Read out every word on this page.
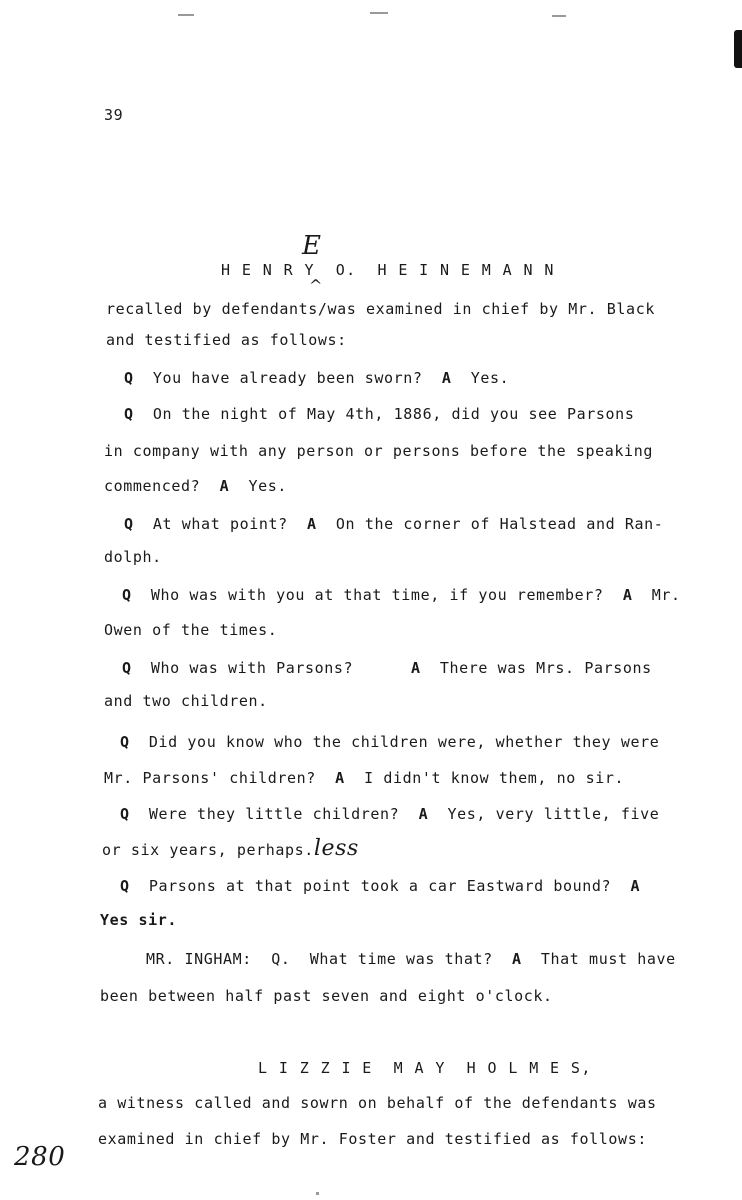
39
E
H E N R Y  O.  H E I N E M A N N
^
recalled by defendants/was examined in chief by Mr. Black
and testified as follows:
Q You have already been sworn? A Yes.
Q On the night of May 4th, 1886, did you see Parsons
in company with any person or persons before the speaking
commenced? A Yes.
Q At what point? A On the corner of Halstead and Ran-
dolph.
Q Who was with you at that time, if you remember? A Mr.
Owen of the times.
Q Who was with Parsons?	A There was Mrs. Parsons
and two children.
Q Did you know who the children were, whether they were
Mr. Parsons' children? A I didn't know them, no sir.
Q Were they little children? A Yes, very little, five
or six years, perhaps.less
Q Parsons at that point took a car Eastward bound? A
Yes sir.
MR. INGHAM: Q. What time was that? A That must have
been between half past seven and eight o'clock.
L I Z Z I E  M A Y  H O L M E S,
a witness called and sowrn on behalf of the defendants was
examined in chief by Mr. Foster and testified as follows:
280
